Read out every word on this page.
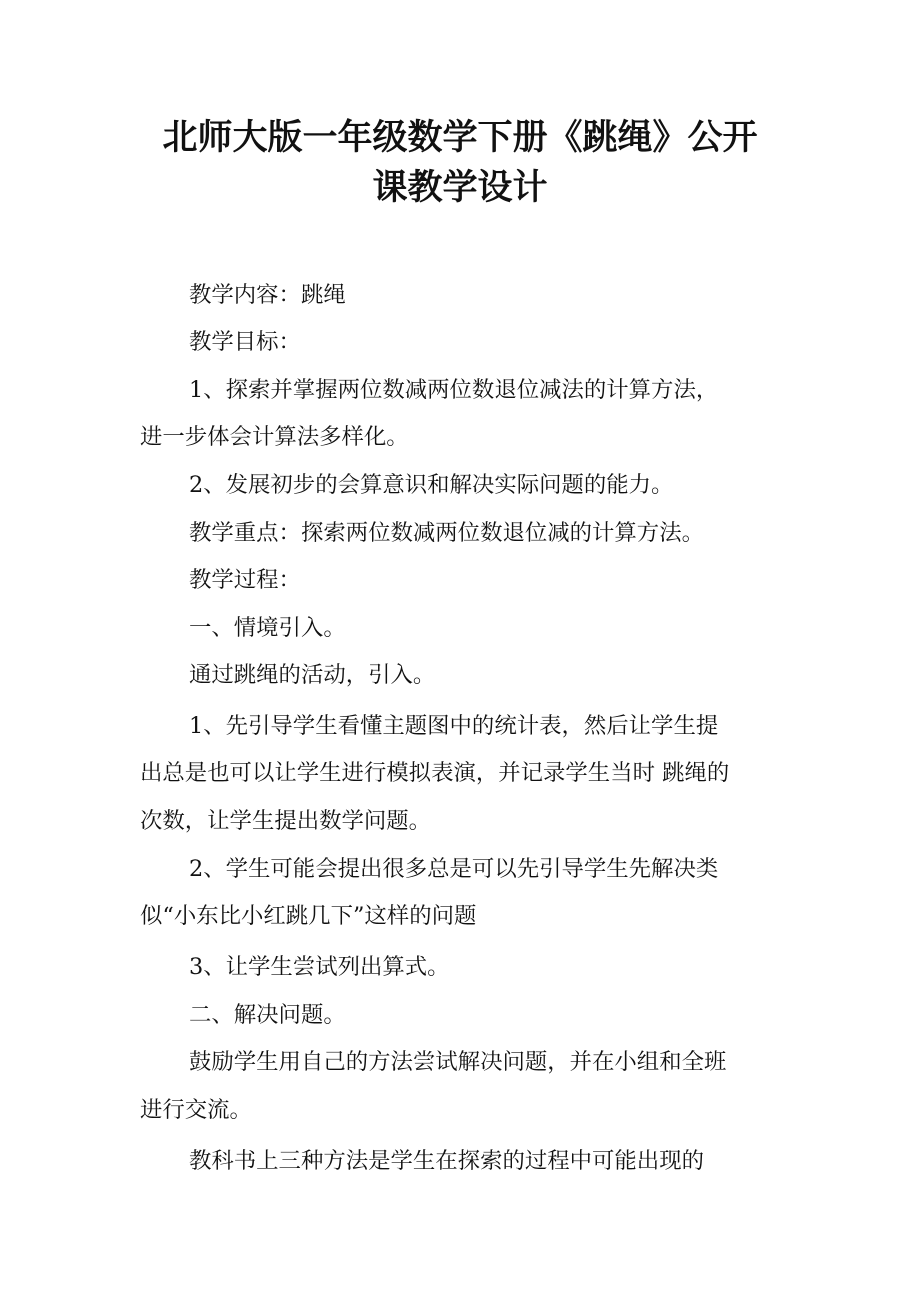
北师大版一年级数学下册《跳绳》公开
课教学设计

教学内容：跳绳

教学目标：

1、探索并掌握两位数减两位数退位减法的计算方法，

进一步体会计算法多样化。

2、发展初步的会算意识和解决实际问题的能力。

教学重点：探索两位数减两位数退位减的计算方法。

教学过程：

一、情境引入。

通过跳绳的活动，引入。

1、先引导学生看懂主题图中的统计表，然后让学生提

出总是也可以让学生进行模拟表演，并记录学生当时 跳绳的

次数，让学生提出数学问题。

2、学生可能会提出很多总是可以先引导学生先解决类

似“小东比小红跳几下”这样的问题

3、让学生尝试列出算式。

二、解决问题。

鼓励学生用自己的方法尝试解决问题，并在小组和全班

进行交流。

教科书上三种方法是学生在探索的过程中可能出现的
